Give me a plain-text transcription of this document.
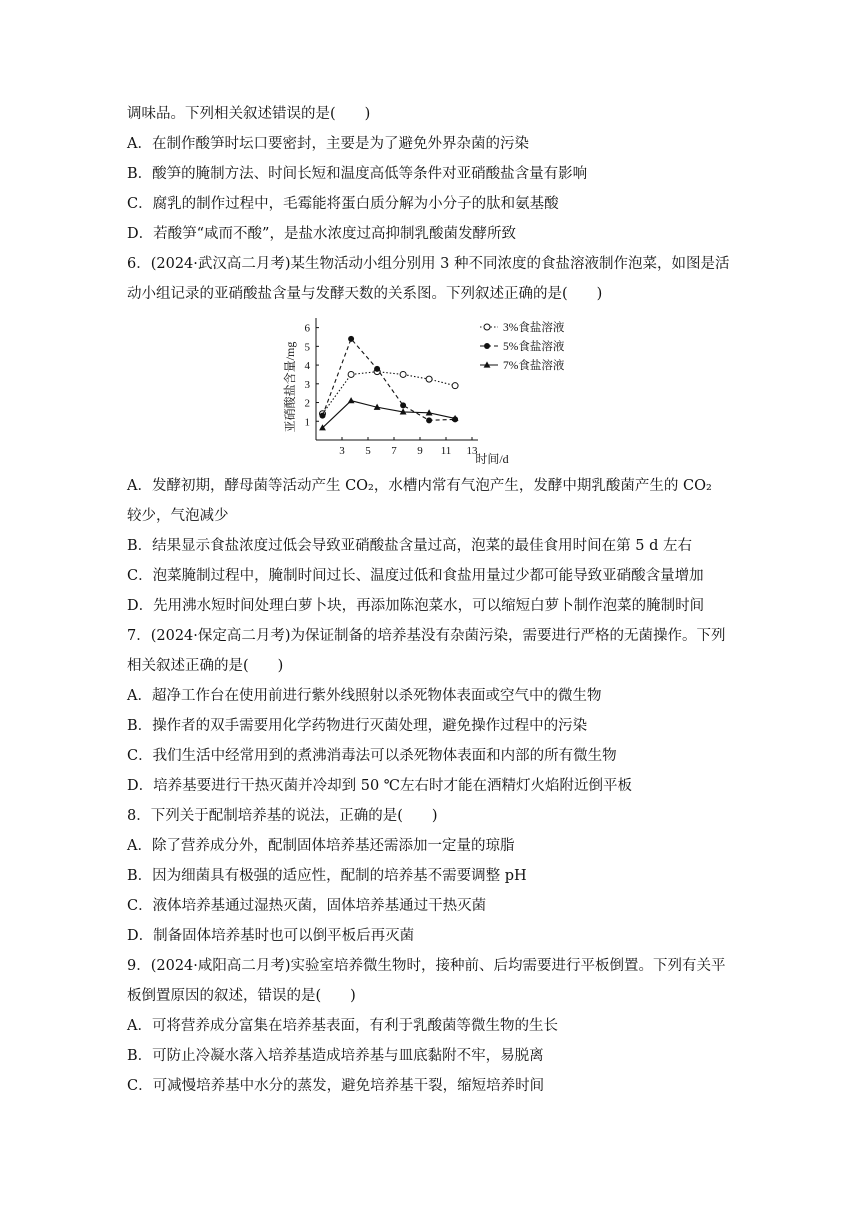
调味品。下列相关叙述错误的是(　　)
A．在制作酸笋时坛口要密封，主要是为了避免外界杂菌的污染
B．酸笋的腌制方法、时间长短和温度高低等条件对亚硝酸盐含量有影响
C．腐乳的制作过程中，毛霉能将蛋白质分解为小分子的肽和氨基酸
D．若酸笋“咸而不酸”，是盐水浓度过高抑制乳酸菌发酵所致
6．(2024·武汉高二月考)某生物活动小组分别用 3 种不同浓度的食盐溶液制作泡菜，如图是活
动小组记录的亚硝酸盐含量与发酵天数的关系图。下列叙述正确的是(　　)
1
2
3
4
5
6
3 5 7 9 11 13
3%食盐溶液
5%食盐溶液
7%食盐溶液
亚硝酸盐含量/mg
时间/d
A．发酵初期，酵母菌等活动产生 CO₂，水槽内常有气泡产生，发酵中期乳酸菌产生的 CO₂
较少，气泡减少
B．结果显示食盐浓度过低会导致亚硝酸盐含量过高，泡菜的最佳食用时间在第 5 d 左右
C．泡菜腌制过程中，腌制时间过长、温度过低和食盐用量过少都可能导致亚硝酸含量增加
D．先用沸水短时间处理白萝卜块，再添加陈泡菜水，可以缩短白萝卜制作泡菜的腌制时间
7．(2024·保定高二月考)为保证制备的培养基没有杂菌污染，需要进行严格的无菌操作。下列
相关叙述正确的是(　　)
A．超净工作台在使用前进行紫外线照射以杀死物体表面或空气中的微生物
B．操作者的双手需要用化学药物进行灭菌处理，避免操作过程中的污染
C．我们生活中经常用到的煮沸消毒法可以杀死物体表面和内部的所有微生物
D．培养基要进行干热灭菌并冷却到 50 ℃左右时才能在酒精灯火焰附近倒平板
8．下列关于配制培养基的说法，正确的是(　　)
A．除了营养成分外，配制固体培养基还需添加一定量的琼脂
B．因为细菌具有极强的适应性，配制的培养基不需要调整 pH
C．液体培养基通过湿热灭菌，固体培养基通过干热灭菌
D．制备固体培养基时也可以倒平板后再灭菌
9．(2024·咸阳高二月考)实验室培养微生物时，接种前、后均需要进行平板倒置。下列有关平
板倒置原因的叙述，错误的是(　　)
A．可将营养成分富集在培养基表面，有利于乳酸菌等微生物的生长
B．可防止冷凝水落入培养基造成培养基与皿底黏附不牢，易脱离
C．可减慢培养基中水分的蒸发，避免培养基干裂，缩短培养时间
